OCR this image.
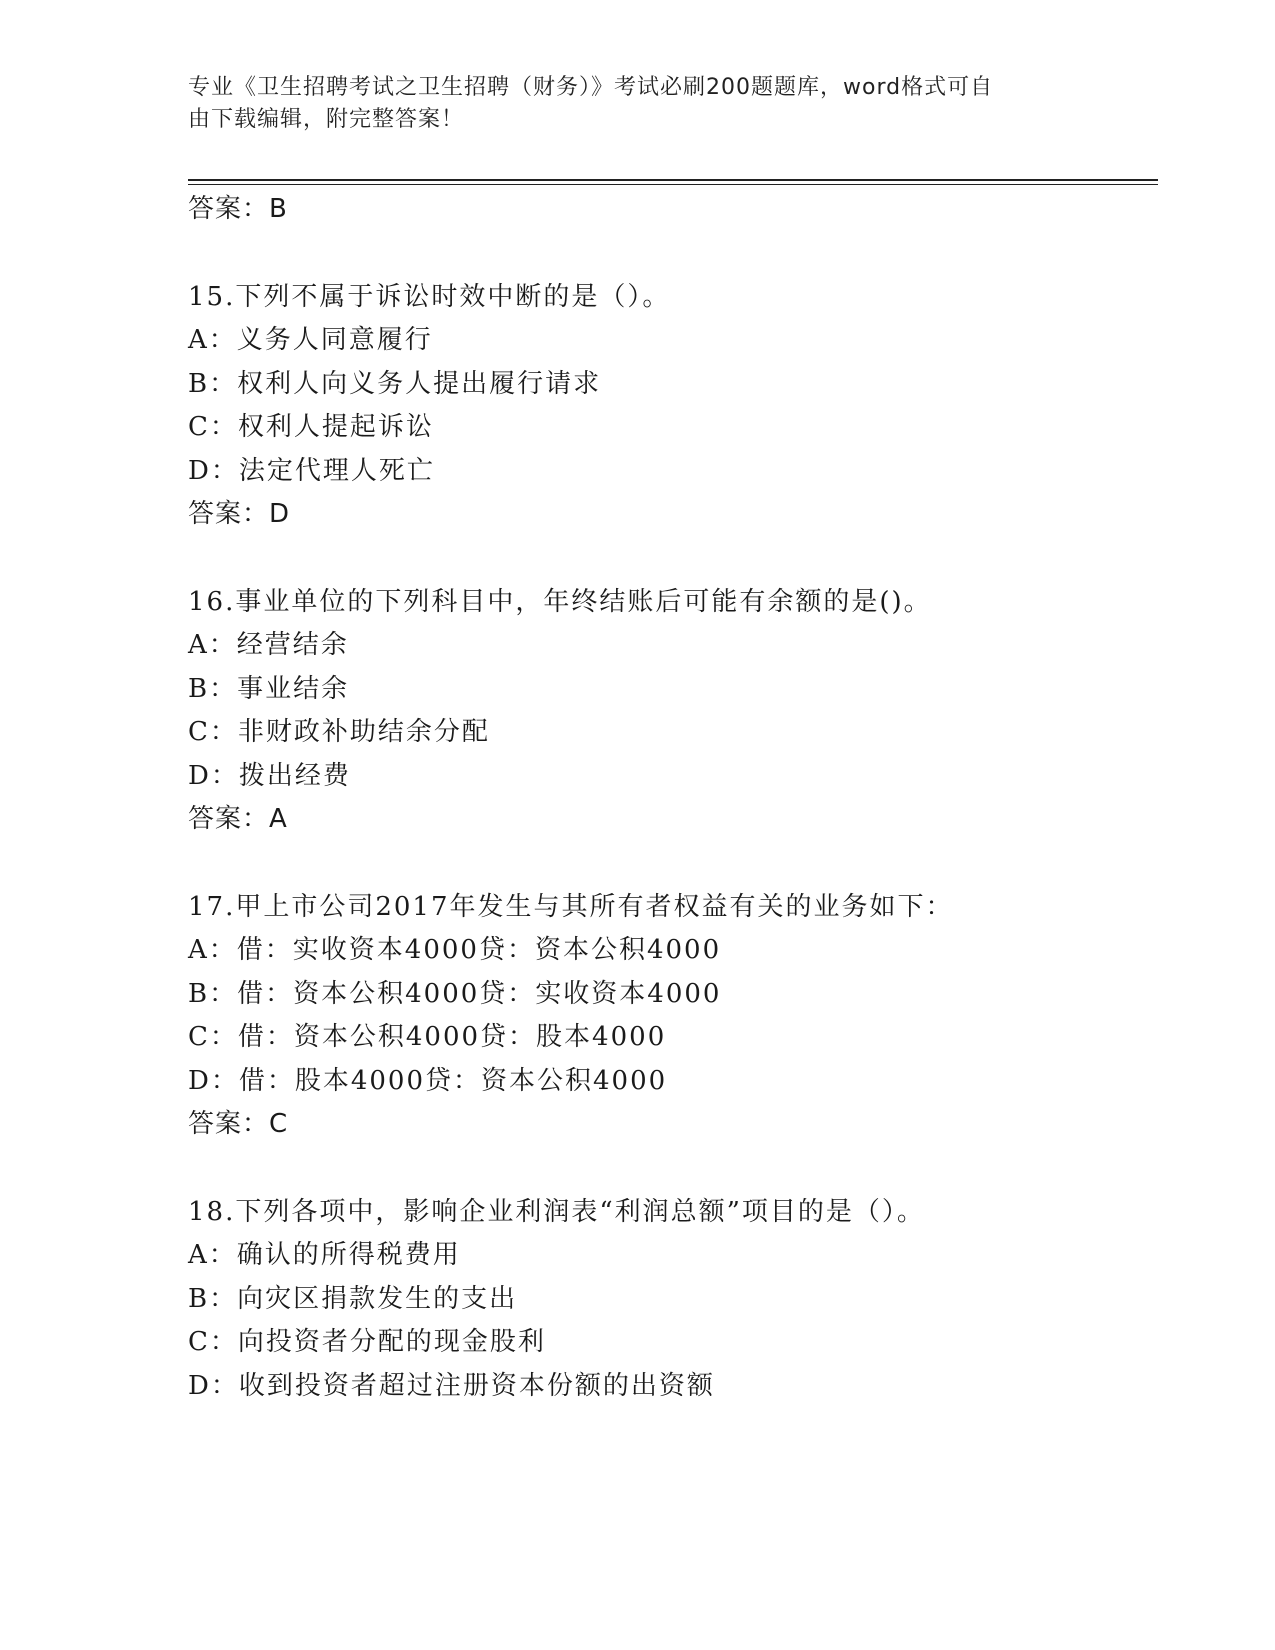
专业《卫生招聘考试之卫生招聘（财务）》考试必刷200题题库，word格式可自
由下载编辑，附完整答案！
答案：B
15.下列不属于诉讼时效中断的是（）。
A：义务人同意履行
B：权利人向义务人提出履行请求
C：权利人提起诉讼
D：法定代理人死亡
答案：D
16.事业单位的下列科目中，年终结账后可能有余额的是()。
A：经营结余
B：事业结余
C：非财政补助结余分配
D：拨出经费
答案：A
17.甲上市公司2017年发生与其所有者权益有关的业务如下：
A：借：实收资本4000贷：资本公积4000
B：借：资本公积4000贷：实收资本4000
C：借：资本公积4000贷：股本4000
D：借：股本4000贷：资本公积4000
答案：C
18.下列各项中，影响企业利润表“利润总额”项目的是（）。
A：确认的所得税费用
B：向灾区捐款发生的支出
C：向投资者分配的现金股利
D：收到投资者超过注册资本份额的出资额
